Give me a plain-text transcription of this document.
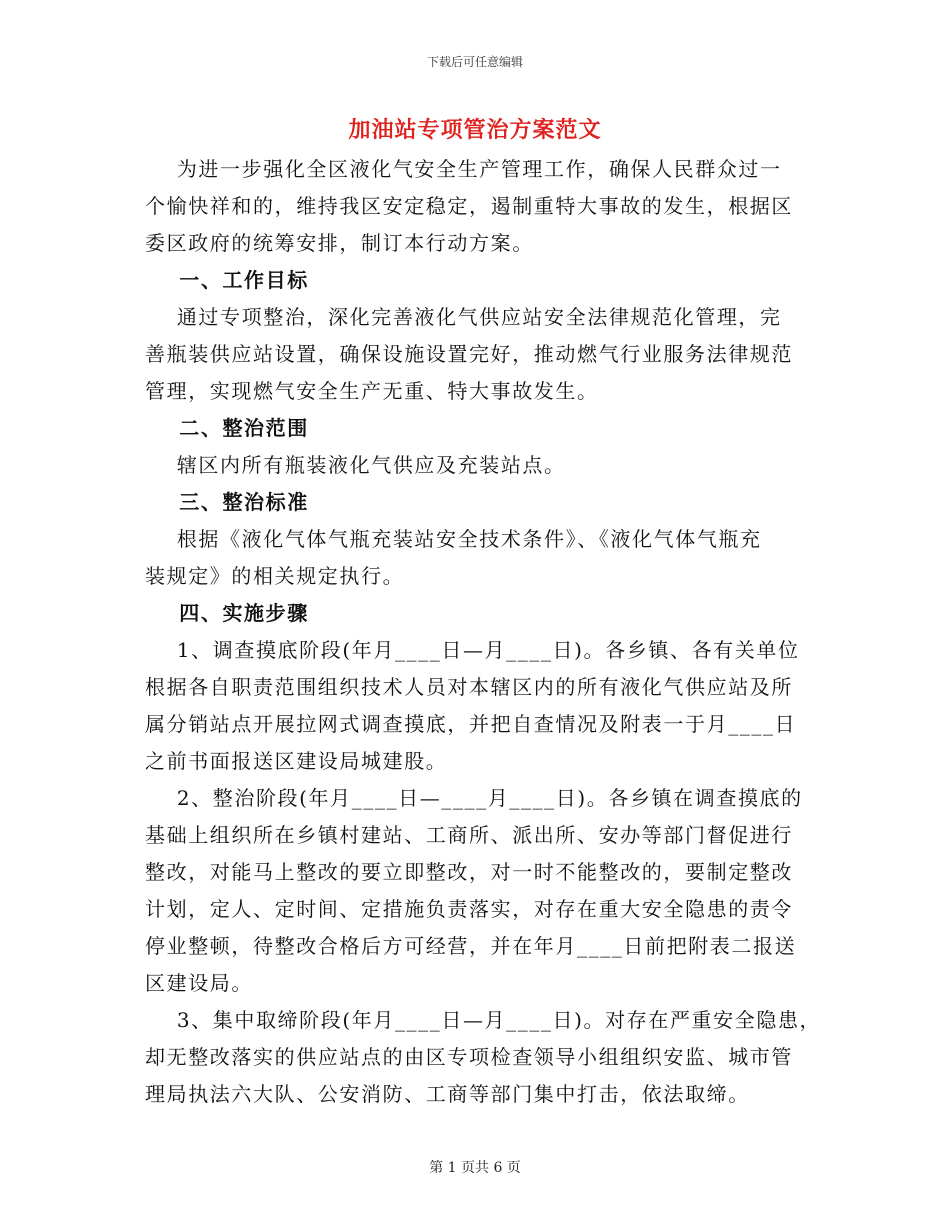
下载后可任意编辑
加油站专项管治方案范文
为进一步强化全区液化气安全生产管理工作，确保人民群众过一
个愉快祥和的，维持我区安定稳定，遏制重特大事故的发生，根据区
委区政府的统筹安排，制订本行动方案。
一、工作目标
通过专项整治，深化完善液化气供应站安全法律规范化管理，完
善瓶装供应站设置，确保设施设置完好，推动燃气行业服务法律规范
管理，实现燃气安全生产无重、特大事故发生。
二、整治范围
辖区内所有瓶装液化气供应及充装站点。
三、整治标准
根据《液化气体气瓶充装站安全技术条件》、《液化气体气瓶充
装规定》的相关规定执行。
四、实施步骤
1、调查摸底阶段(年月____日—月____日)。各乡镇、各有关单位
根据各自职责范围组织技术人员对本辖区内的所有液化气供应站及所
属分销站点开展拉网式调查摸底，并把自查情况及附表一于月____日
之前书面报送区建设局城建股。
2、整治阶段(年月____日—____月____日)。各乡镇在调查摸底的
基础上组织所在乡镇村建站、工商所、派出所、安办等部门督促进行
整改，对能马上整改的要立即整改，对一时不能整改的，要制定整改
计划，定人、定时间、定措施负责落实，对存在重大安全隐患的责令
停业整顿，待整改合格后方可经营，并在年月____日前把附表二报送
区建设局。
3、集中取缔阶段(年月____日—月____日)。对存在严重安全隐患，
却无整改落实的供应站点的由区专项检查领导小组组织安监、城市管
理局执法六大队、公安消防、工商等部门集中打击，依法取缔。
第 1 页共 6 页
